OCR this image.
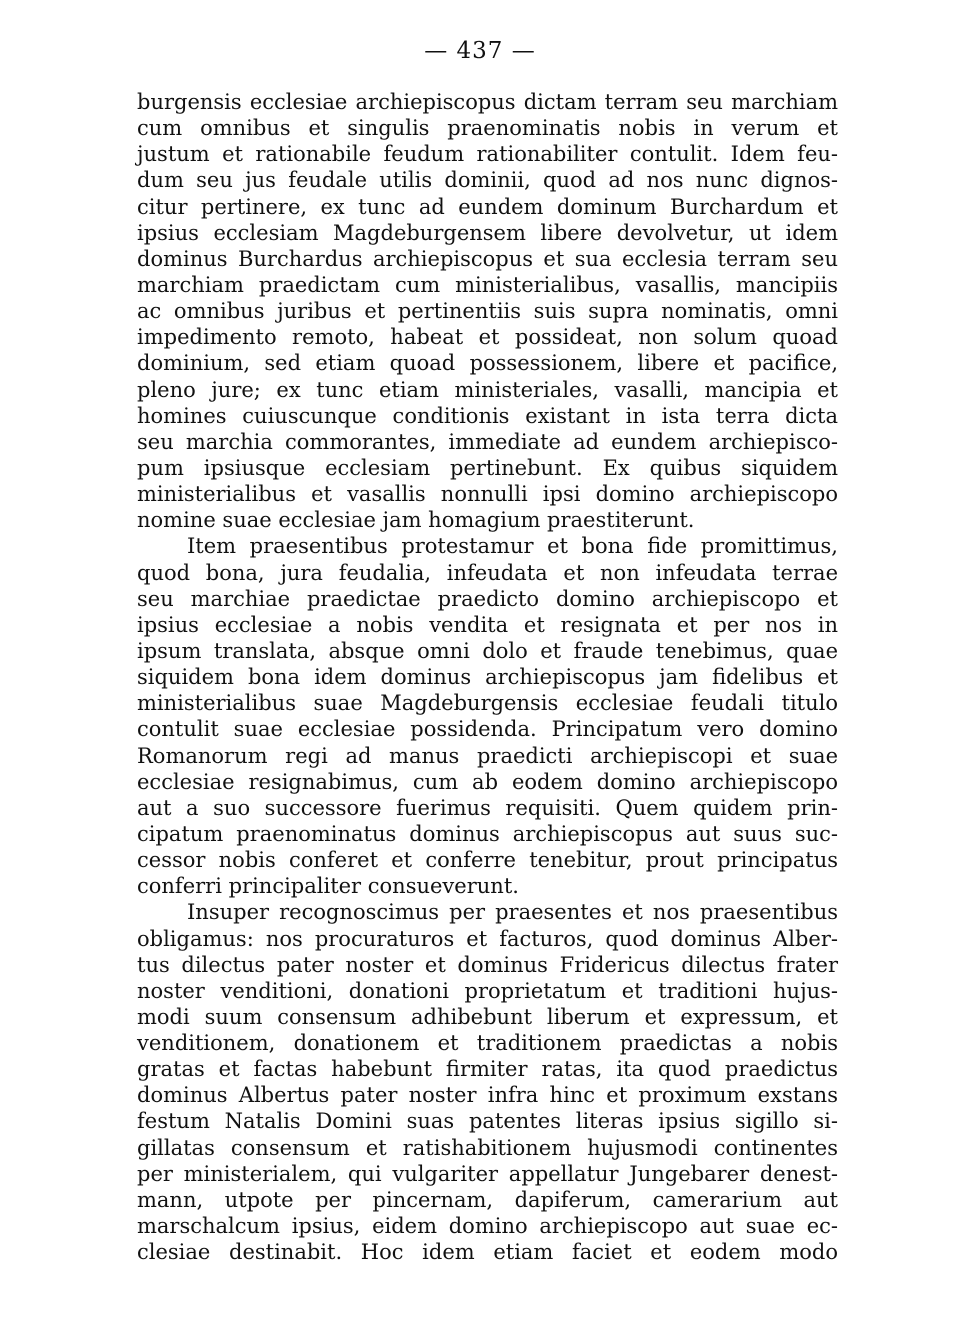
— 437 —
burgensis ecclesiae archiepiscopus dictam terram seu marchiam
cum omnibus et singulis praenominatis nobis in verum et
justum et rationabile feudum rationabiliter contulit. Idem feu-
dum seu jus feudale utilis dominii, quod ad nos nunc dignos-
citur pertinere, ex tunc ad eundem dominum Burchardum et
ipsius ecclesiam Magdeburgensem libere devolvetur, ut idem
dominus Burchardus archiepiscopus et sua ecclesia terram seu
marchiam praedictam cum ministerialibus, vasallis, mancipiis
ac omnibus juribus et pertinentiis suis supra nominatis, omni
impedimento remoto, habeat et possideat, non solum quoad
dominium, sed etiam quoad possessionem, libere et pacifice,
pleno jure; ex tunc etiam ministeriales, vasalli, mancipia et
homines cuiuscunque conditionis existant in ista terra dicta
seu marchia commorantes, immediate ad eundem archiepisco-
pum ipsiusque ecclesiam pertinebunt. Ex quibus siquidem
ministerialibus et vasallis nonnulli ipsi domino archiepiscopo
nomine suae ecclesiae jam homagium praestiterunt.
Item praesentibus protestamur et bona fide promittimus,
quod bona, jura feudalia, infeudata et non infeudata terrae
seu marchiae praedictae praedicto domino archiepiscopo et
ipsius ecclesiae a nobis vendita et resignata et per nos in
ipsum translata, absque omni dolo et fraude tenebimus, quae
siquidem bona idem dominus archiepiscopus jam fidelibus et
ministerialibus suae Magdeburgensis ecclesiae feudali titulo
contulit suae ecclesiae possidenda. Principatum vero domino
Romanorum regi ad manus praedicti archiepiscopi et suae
ecclesiae resignabimus, cum ab eodem domino archiepiscopo
aut a suo successore fuerimus requisiti. Quem quidem prin-
cipatum praenominatus dominus archiepiscopus aut suus suc-
cessor nobis conferet et conferre tenebitur, prout principatus
conferri principaliter consueverunt.
Insuper recognoscimus per praesentes et nos praesentibus
obligamus: nos procuraturos et facturos, quod dominus Alber-
tus dilectus pater noster et dominus Fridericus dilectus frater
noster venditioni, donationi proprietatum et traditioni hujus-
modi suum consensum adhibebunt liberum et expressum, et
venditionem, donationem et traditionem praedictas a nobis
gratas et factas habebunt firmiter ratas, ita quod praedictus
dominus Albertus pater noster infra hinc et proximum exstans
festum Natalis Domini suas patentes literas ipsius sigillo si-
gillatas consensum et ratishabitionem hujusmodi continentes
per ministerialem, qui vulgariter appellatur Jungebarer denest-
mann, utpote per pincernam, dapiferum, camerarium aut
marschalcum ipsius, eidem domino archiepiscopo aut suae ec-
clesiae destinabit. Hoc idem etiam faciet et eodem modo
